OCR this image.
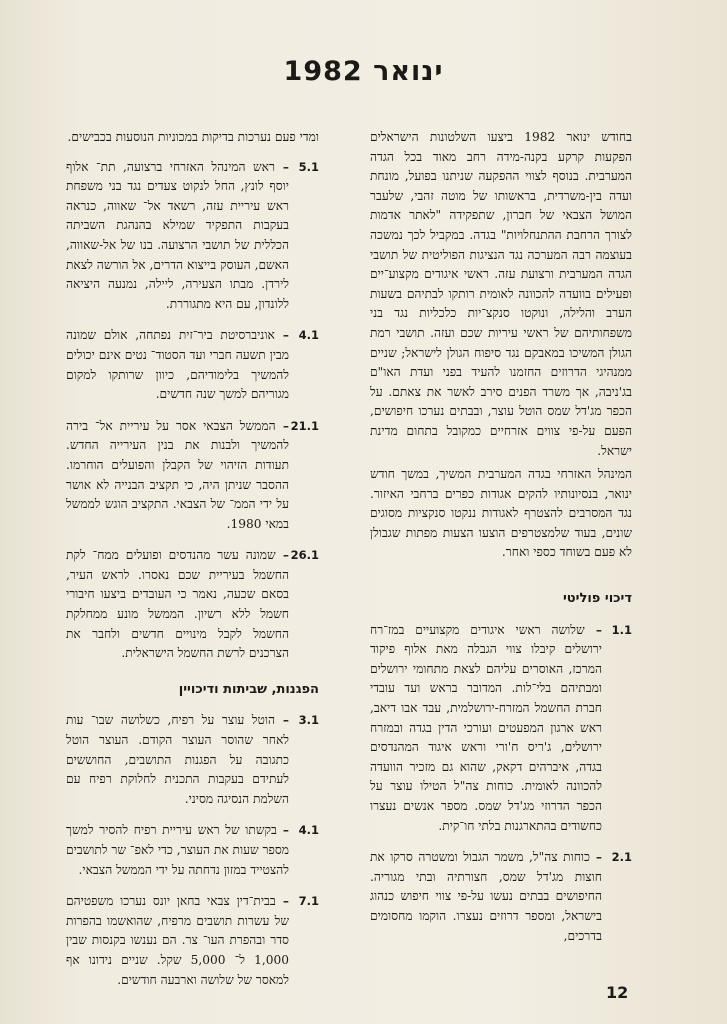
ינואר 1982

בחודש ינואר 1982 ביצעו השלטונות הישראלים הפקעות קרקע בקנה-מידה רחב מאוד בכל הגדה המערבית. בנוסף לצווי ההפקעה שניתנו בפועל, מונחת ועדה בין-משרדית, בראשותו של מוטה זהבי, שלעבר המושל הצבאי של חברון, שתפקידה "לאתר אדמות לצורך הרחבת ההתנחלויות" בגדה. במקביל לכך נמשכה בעוצמה רבה המערכה נגד הנציגות הפוליטית של תושבי הגדה המערבית ורצועת עזה. ראשי איגודים מקצוע־יים ופעילים בוועדה להכוונה לאומית רותקו לבתיהם בשעות הערב והלילה, ונוקטו סנקצ־יות כלכליות נגד בני משפחותיהם של ראשי עיריות שכם ועזה. תושבי רמת הגולן המשיכו במאבקם נגד סיפוח הגולן לישראל; שניים ממנהיגי הדרוזים החזמנו להעיד בפני ועדת האו"ם בג'ניבה, אך משרד הפנים סירב לאשר את צאתם. על הכפר מג'דל שמס הוטל עוצר, ובבתים נערכו חיפושים, הפעם על-פי צווים אזרחיים כמקובל בתחום מדינת ישראל.

המינהל האזרחי בגדה המערבית המשיך, במשך חודש ינואר, בנסיונותיו להקים אגודות כפרים ברחבי האיזור. נגד המסרבים להצטרף לאגודות ננקטו סנקציות מסוגים שונים, בעוד שלמצטרפים הוצעו הצעות מפתות שגבולן לא פעם בשוחד כספי ואחר.

דיכוי פוליטי
1.1
– שלושה ראשי איגודים מקצועיים במז־רח ירושלים קיבלו צווי הגבלה מאת אלוף פיקוד המרכז, האוסרים עליהם לצאת מתחומי ירושלים ומבתיהם בלי־לות. המדובר בראש ועד עובדי חברת החשמל המזרח-ירושלמית, עבד אבו דיאב, ראש ארגון המפעטים ועורכי הדין בגדה ובמזרח ירושלים, ג'ריס ח'ורי וראש איגוד המהנדסים בגדה, איברהים דקאק, שהוא גם מזכיר הוועדה להכוונה לאומית. כוחות צה"ל הטילו עוצר על הכפר הדרוזי מג'דל שמס. מספר אנשים נעצרו כחשודים בהתארגנות בלתי חו־קית.
2.1
– כוחות צה"ל, משמר הגבול ומשטרה סרקו את חוצות מג'דל שמס, חצורתיה ובתי מגוריה. החיפושים בבתים נעשו על-פי צווי חיפוש כנהוג בישראל, ומספר דרוזים נעצרו. הוקמו מחסומים בדרכים,

ומדי פעם נערכות בדיקות במכוניות הנוסעות בכבישים.

5.1
– ראש המינהל האזרחי ברצועה, תת־ אלוף יוסף לונץ, החל לנקוט צעדים נגד בני משפחת ראש עיריית עזה, רשאד אל־ שאווה, כנראה בעקבות התפקיד שמילא בהנהגת השביתה הכללית של תושבי הרצועה. בנו של אל-שאווה, האשם, העוסק בייצוא הדרים, אל הורשה לצאת לירדן. מבתו הצעירה, ליילה, נמנעה היציאה ללונדון, עם היא מתגוררת.
4.1
– אוניברסיטת ביר־זית נפתחה, אולם שמונה מבין תשעה חברי ועד הסטוד־ נטים אינם יכולים להמשיך בלימודיהם, כיוון שרותקו למקום מגוריהם למשך שנה חדשים.
21.1
– הממשל הצבאי אסר על עיריית אל־ בירה להמשיך ולבנות את בנין העירייה החדש. תעודות הזיהוי של הקבלן והפועלים הוחרמו. ההסבר שניתן היה, כי תקציב הבנייה לא אושר על ידי הממ־ של הצבאי. התקציב הוגש לממשל במאי 1980.
26.1
– שמונה עשר מהנדסים ופועלים ממח־ לקת החשמל בעיריית שכם נאסרו. לראש העיר, בסאם שכעה, נאמר כי העובדים ביצעו חיבורי חשמל ללא רשיון. הממשל מונע ממחלקת החשמל לקבל מינויים חדשים ולחבר את הצרכנים לרשת החשמל הישראלית.
הפגנות, שביתות ודיכויין
3.1
– הוטל עוצר על רפיח, כשלושה שבו־ עות לאחר שהוסר העוצר הקודם. העוצר הוטל כתגובה על הפגנות התושבים, החוששים לעתידם בעקבות התכנית לחלוקת רפיח עם השלמת הנסיגה מסיני.
4.1
– בקשתו של ראש עיריית רפיח להסיר למשך מספר שעות את העוצר, כדי לאפ־ שר לתושבים להצטייד במזון נדחתה על ידי הממשל הצבאי.
7.1
– בבית־דין צבאי בחאן יונס נערכו משפטיהם של עשרות תושבים מרפיח, שהואשמו בהפרות סדר ובהפרת העו־ צר. הם נענשו בקנסות שבין 1,000 ל־ 5,000 שקל. שניים נידונו אף למאסר של שלושה וארבעה חודשים.
12
